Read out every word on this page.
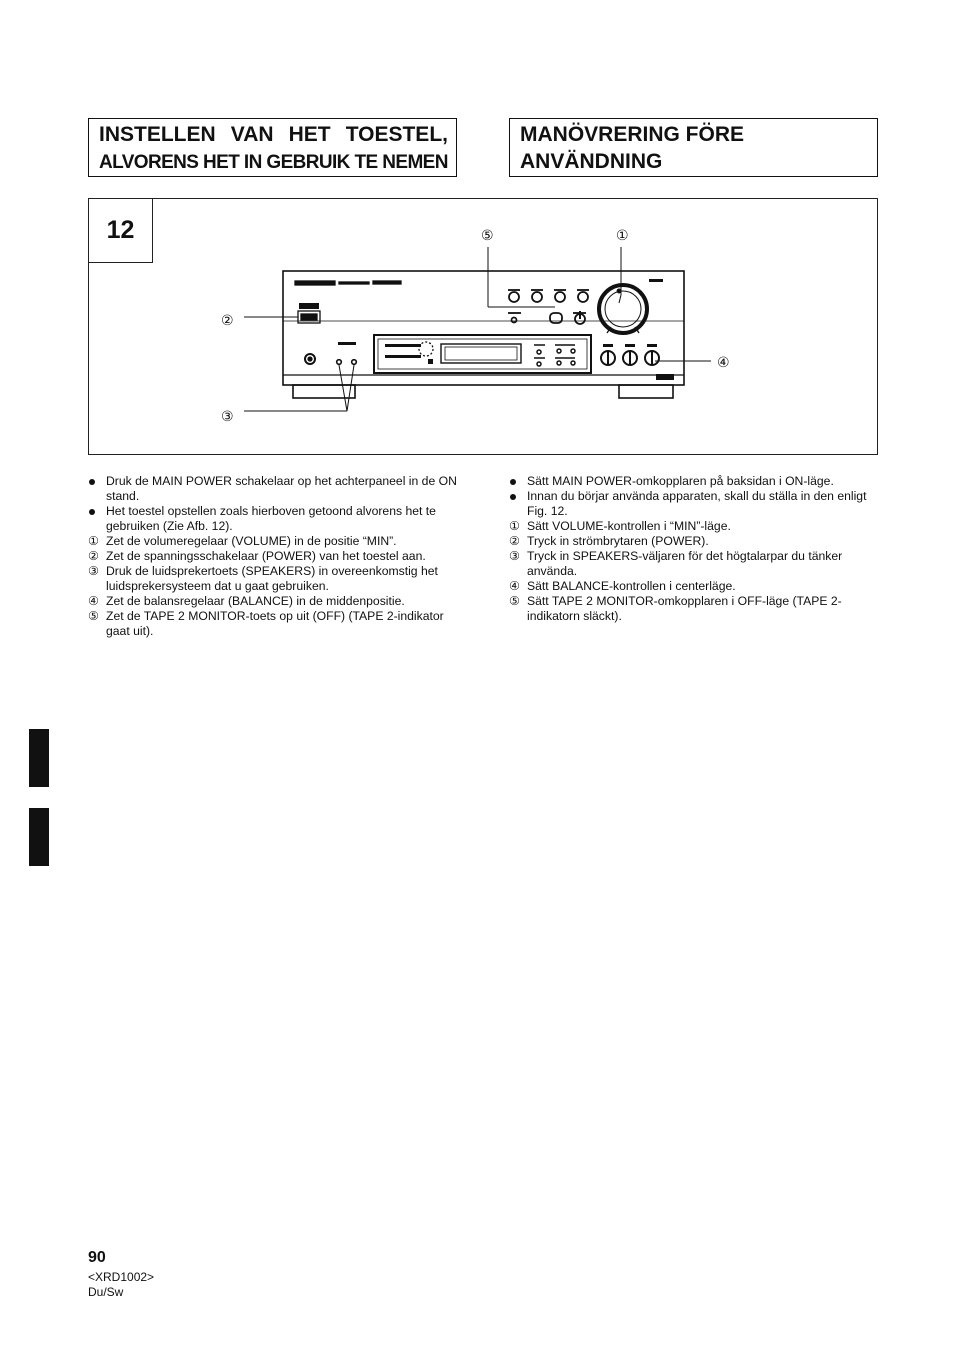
INSTELLEN VAN HET TOESTEL,
ALVORENS HET IN GEBRUIK TE NEMEN
MANÖVRERING FÖRE
ANVÄNDNING
12	⑤	①
②
③
④
Druk de MAIN POWER schakelaar op het achterpaneel in de ON stand.
Het toestel opstellen zoals hierboven getoond alvorens het te gebruiken (Zie Afb. 12).
① Zet de volumeregelaar (VOLUME) in de positie “MIN”.
② Zet de spanningsschakelaar (POWER) van het toestel aan.
③ Druk de luidsprekertoets (SPEAKERS) in overeenkomstig het luidsprekersysteem dat u gaat gebruiken.
④ Zet de balansregelaar (BALANCE) in de middenpositie.
⑤ Zet de TAPE 2 MONITOR-toets op uit (OFF) (TAPE 2-indikator gaat uit).
Sätt MAIN POWER-omkopplaren på baksidan i ON-läge.
Innan du börjar använda apparaten, skall du ställa in den enligt Fig. 12.
① Sätt VOLUME-kontrollen i “MIN”-läge.
② Tryck in strömbrytaren (POWER).
③ Tryck in SPEAKERS-väljaren för det högtalarpar du tänker använda.
④ Sätt BALANCE-kontrollen i centerläge.
⑤ Sätt TAPE 2 MONITOR-omkopplaren i OFF-läge (TAPE 2-indikatorn släckt).
90
<XRD1002>
Du/Sw
